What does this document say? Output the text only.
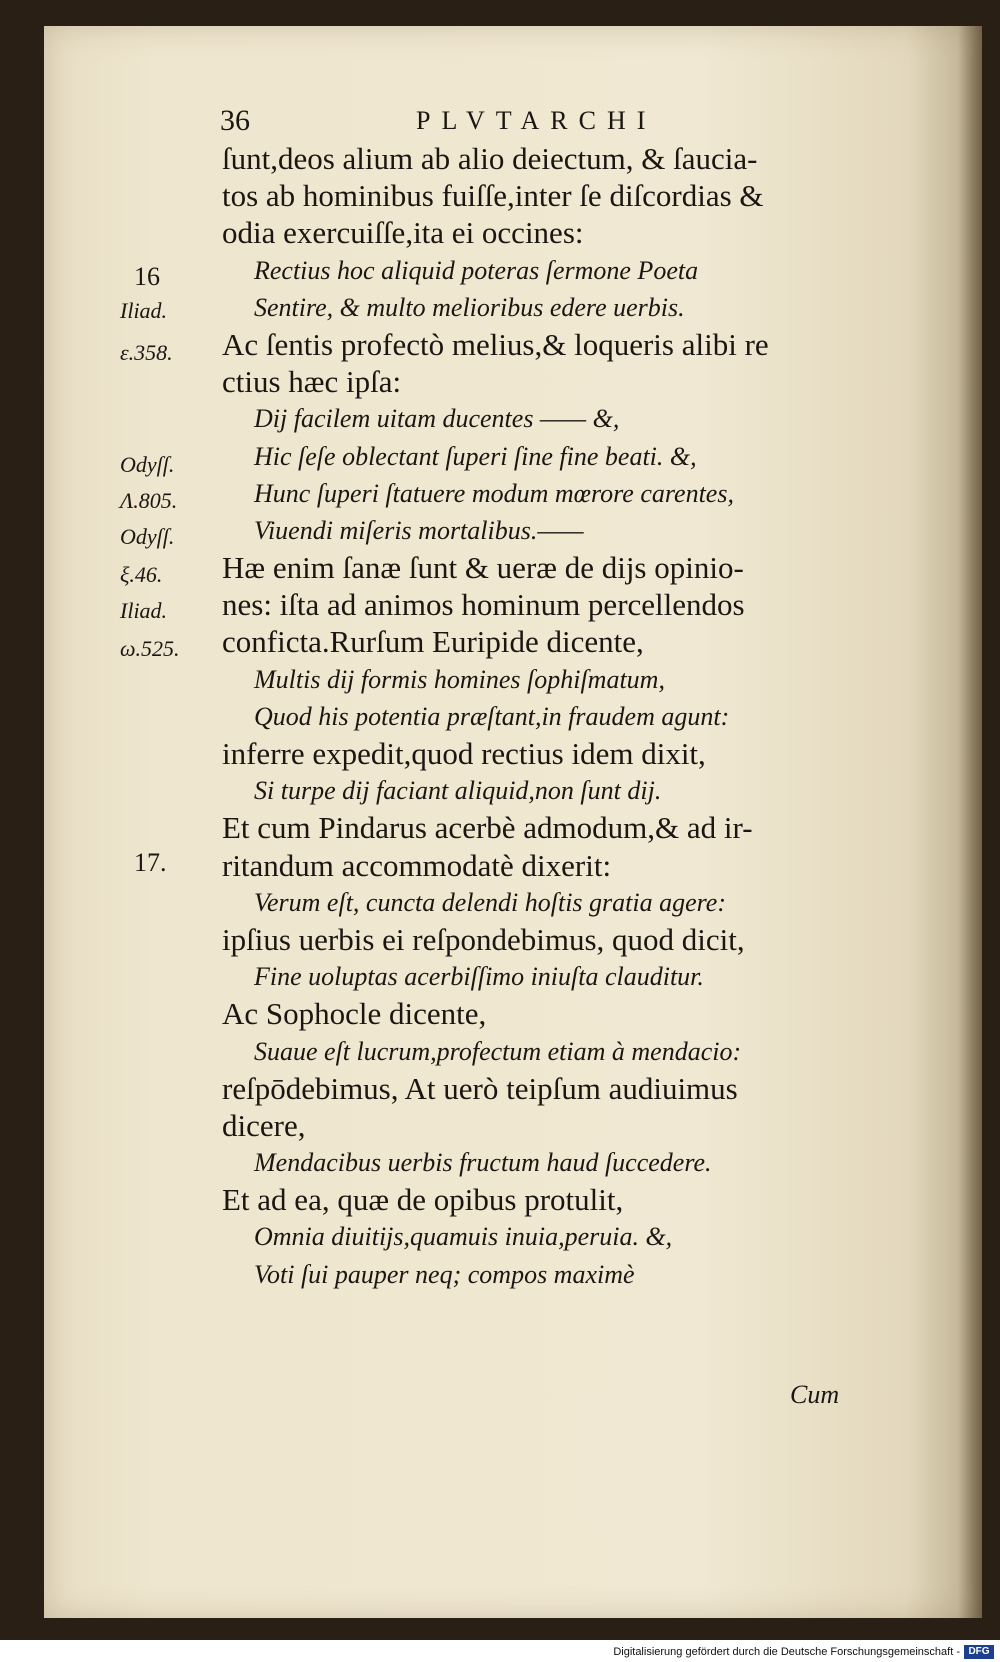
36	PLVTARCHI
ſunt,deos alium ab alio deiectum, & ſaucia-
tos ab hominibus fuiſſe,inter ſe diſcordias &
odia exercuiſſe,ita ei occines:
Rectius hoc aliquid poteras ſermone Poeta
Sentire, & multo melioribus edere uerbis.
Ac ſentis profectò melius,& loqueris alibi re
ctius hæc ipſa:
Dij facilem uitam ducentes —— &,
Hic ſeſe oblectant ſuperi ſine fine beati. &,
Hunc ſuperi ſtatuere modum mœrore carentes,
Viuendi miſeris mortalibus.——
Hæ enim ſanæ ſunt & ueræ de dijs opinio-
nes: iſta ad animos hominum percellendos
conficta.Rurſum Euripide dicente,
Multis dij formis homines ſophiſmatum,
Quod his potentia præſtant,in fraudem agunt:
inferre expedit,quod rectius idem dixit,
Si turpe dij faciant aliquid,non ſunt dij.
Et cum Pindarus acerbè admodum,& ad ir-
ritandum accommodatè dixerit:
Verum eſt, cuncta delendi hoſtis gratia agere:
ipſius uerbis ei reſpondebimus, quod dicit,
Fine uoluptas acerbiſſimo iniuſta clauditur.
Ac Sophocle dicente,
Suaue eſt lucrum,profectum etiam à mendacio:
reſpōdebimus, At uerò teipſum audiuimus
dicere,
Mendacibus uerbis fructum haud ſuccedere.
Et ad ea, quæ de opibus protulit,
Omnia diuitijs,quamuis inuia,peruia. &,
Voti ſui pauper neq; compos maximè
Cum
16
Iliad.
ε.358.
Odyſſ.
Λ.805.
Odyſſ.
ξ.46.
Iliad.
ω.525.
17.
Digitalisierung gefördert durch die Deutsche Forschungsgemeinschaft - DFG
